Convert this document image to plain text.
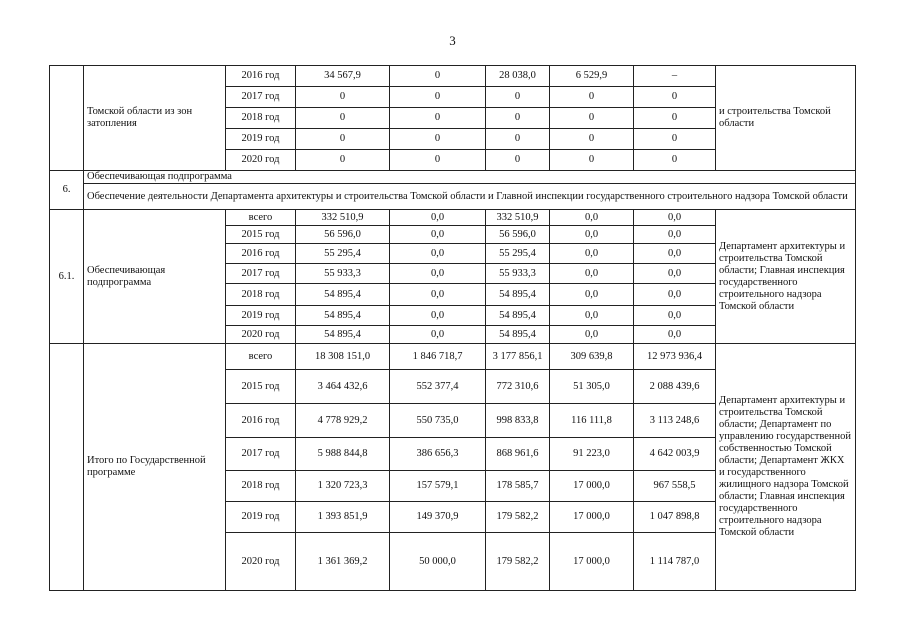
3
	Томской области из зон затопления	2016 год	34 567,9	0	28 038,0	6 529,9	–	и строительства Томской области
		2017 год	0	0	0	0	0	
		2018 год	0	0	0	0	0	
		2019 год	0	0	0	0	0	
		2020 год	0	0	0	0	0	
6.	Обеспечивающая подпрограмма							
	Обеспечение деятельности Департамента архитектуры и строительства Томской области и Главной инспекции государственного строительного надзора Томской области							
6.1.	Обеспечивающая подпрограмма	всего	332 510,9	0,0	332 510,9	0,0	0,0	Департамент архитектуры и строительства Томской области; Главная инспекция государственного строительного надзора Томской области
		2015 год	56 596,0	0,0	56 596,0	0,0	0,0	
		2016 год	55 295,4	0,0	55 295,4	0,0	0,0	
		2017 год	55 933,3	0,0	55 933,3	0,0	0,0	
		2018 год	54 895,4	0,0	54 895,4	0,0	0,0	
		2019 год	54 895,4	0,0	54 895,4	0,0	0,0	
		2020 год	54 895,4	0,0	54 895,4	0,0	0,0	
	Итого по Государственной программе	всего	18 308 151,0	1 846 718,7	3 177 856,1	309 639,8	12 973 936,4	Департамент архитектуры и строительства Томской области; Департамент по управлению государственной собственностью Томской области; Департамент ЖКХ и государственного жилищного надзора Томской области; Главная инспекция государственного строительного надзора Томской области
		2015 год	3 464 432,6	552 377,4	772 310,6	51 305,0	2 088 439,6	
		2016 год	4 778 929,2	550 735,0	998 833,8	116 111,8	3 113 248,6	
		2017 год	5 988 844,8	386 656,3	868 961,6	91 223,0	4 642 003,9	
		2018 год	1 320 723,3	157 579,1	178 585,7	17 000,0	967 558,5	
		2019 год	1 393 851,9	149 370,9	179 582,2	17 000,0	1 047 898,8	
		2020 год	1 361 369,2	50 000,0	179 582,2	17 000,0	1 114 787,0	
